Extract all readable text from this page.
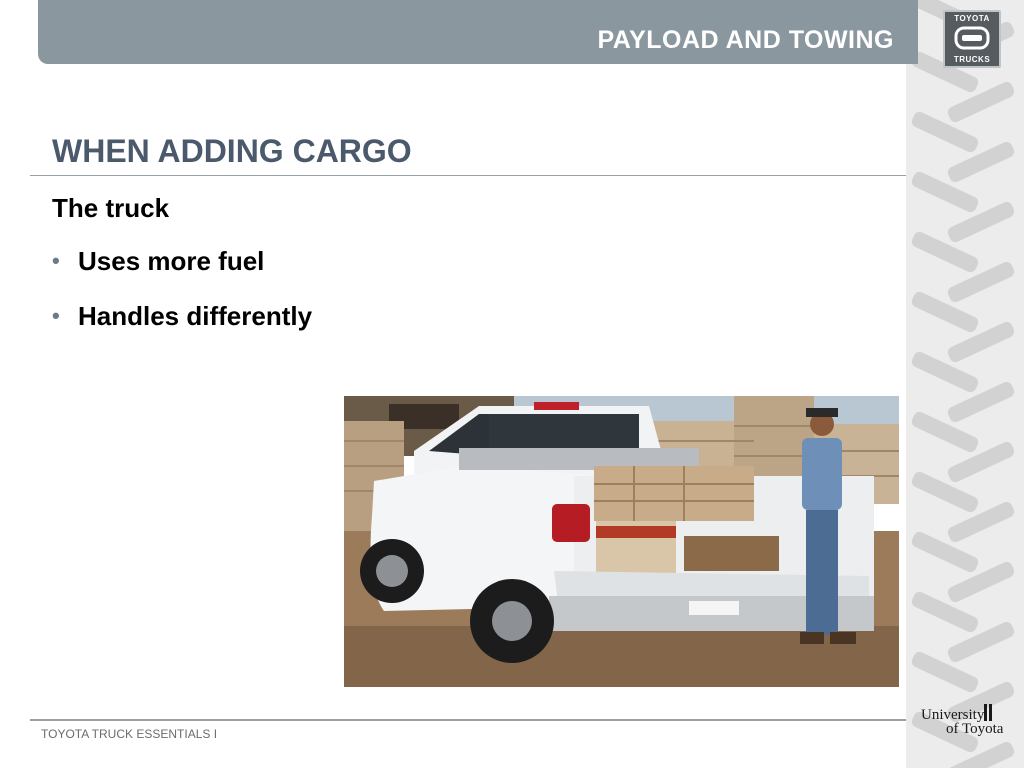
PAYLOAD AND TOWING
TOYOTA
TRUCKS
WHEN ADDING CARGO
The truck
• Uses more fuel
• Handles differently
TOYOTA TRUCK ESSENTIALS I
University
of Toyota
